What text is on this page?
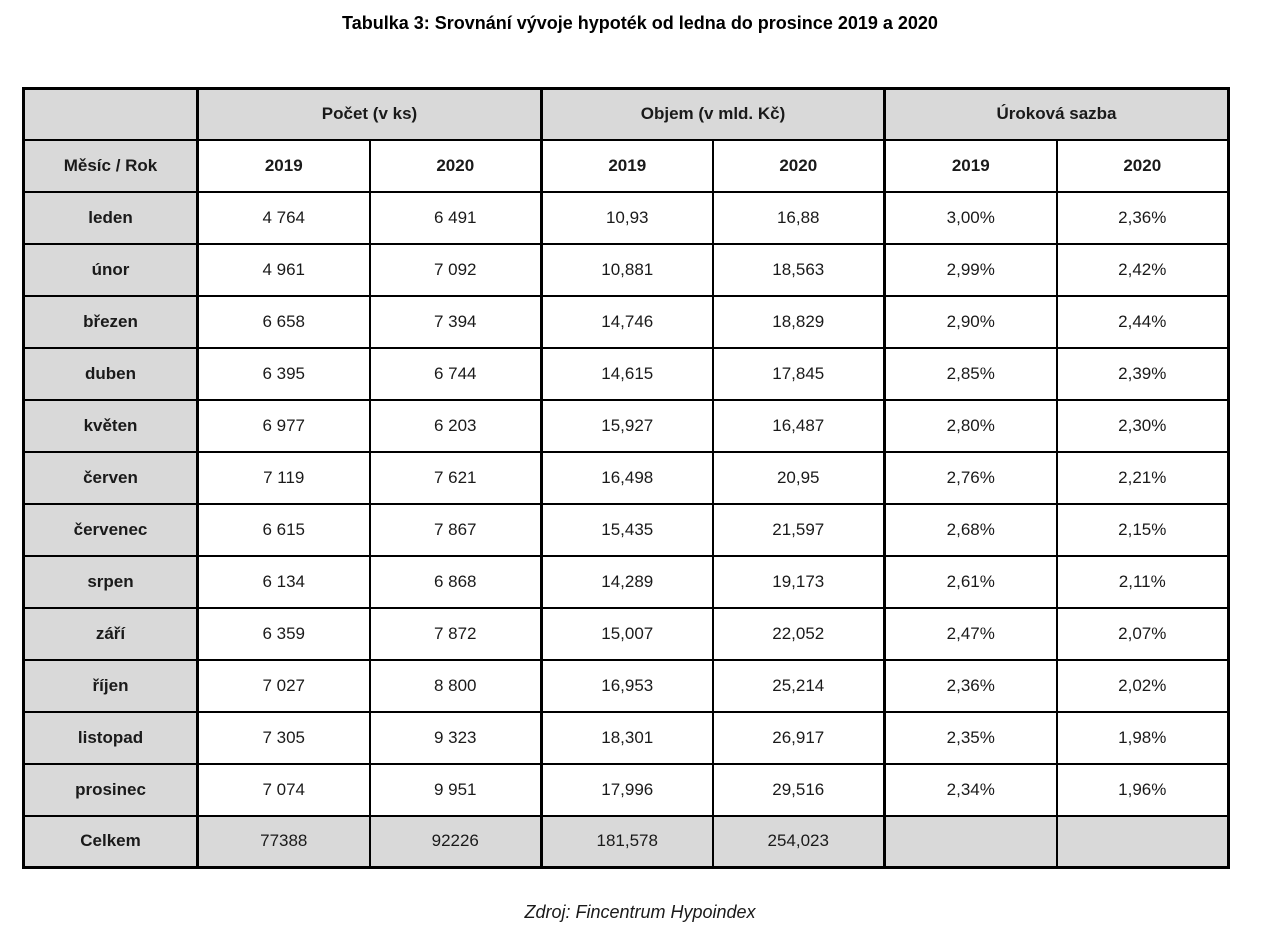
Tabulka 3: Srovnání vývoje hypoték od ledna do prosince 2019 a 2020
	Počet (v ks)		Objem (v mld. Kč)		Úroková sazba	
Měsíc / Rok	2019	2020	2019	2020	2019	2020
leden	4 764	6 491	10,93	16,88	3,00%	2,36%
únor	4 961	7 092	10,881	18,563	2,99%	2,42%
březen	6 658	7 394	14,746	18,829	2,90%	2,44%
duben	6 395	6 744	14,615	17,845	2,85%	2,39%
květen	6 977	6 203	15,927	16,487	2,80%	2,30%
červen	7 119	7 621	16,498	20,95	2,76%	2,21%
červenec	6 615	7 867	15,435	21,597	2,68%	2,15%
srpen	6 134	6 868	14,289	19,173	2,61%	2,11%
září	6 359	7 872	15,007	22,052	2,47%	2,07%
říjen	7 027	8 800	16,953	25,214	2,36%	2,02%
listopad	7 305	9 323	18,301	26,917	2,35%	1,98%
prosinec	7 074	9 951	17,996	29,516	2,34%	1,96%
Celkem	77388	92226	181,578	254,023		
Zdroj: Fincentrum Hypoindex
